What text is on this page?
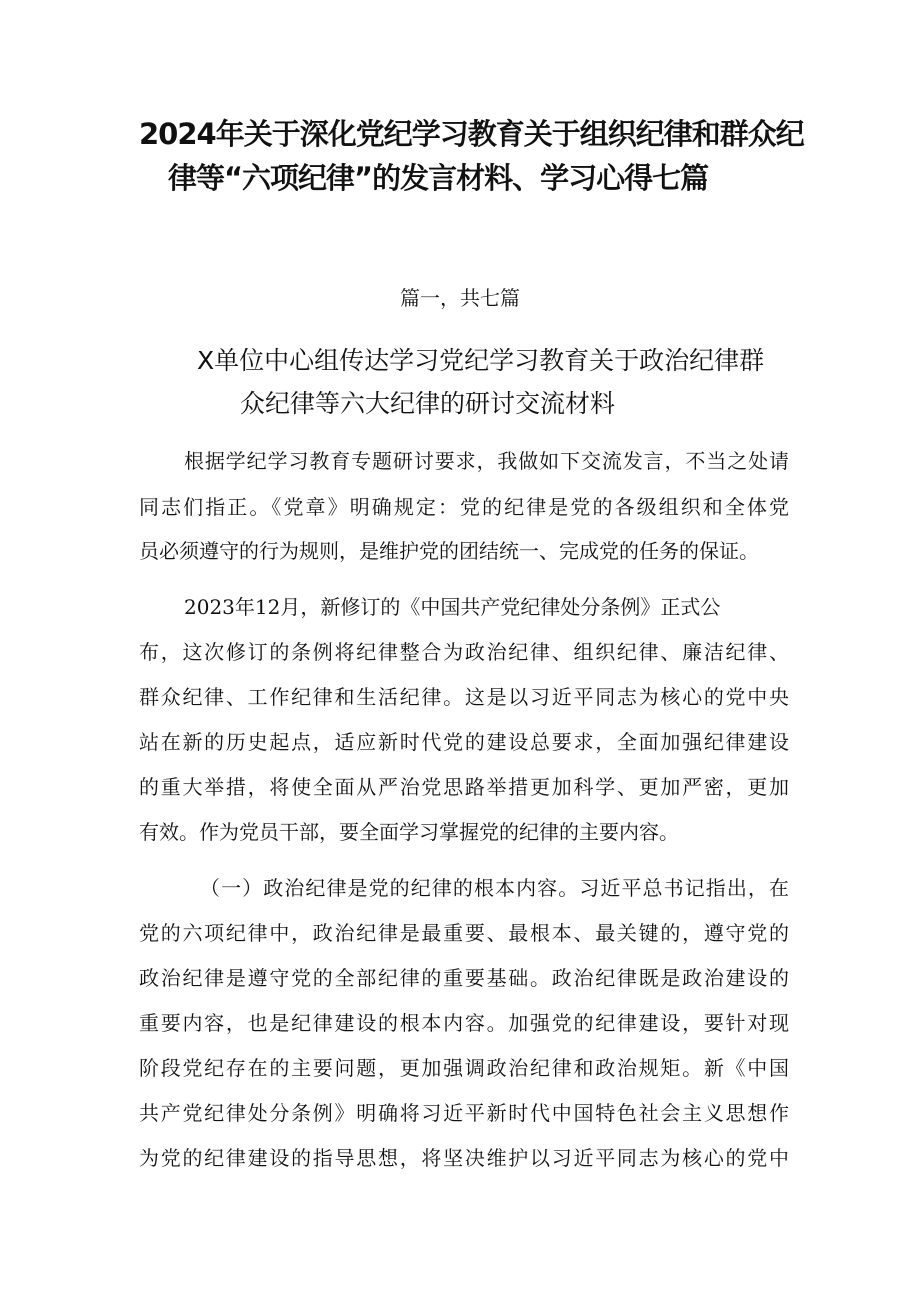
2024年关于深化党纪学习教育关于组织纪律和群众纪
律等“六项纪律”的发言材料、学习心得七篇
篇一，共七篇
X单位中心组传达学习党纪学习教育关于政治纪律群
众纪律等六大纪律的研讨交流材料
根据学纪学习教育专题研讨要求，我做如下交流发言，不当之处请
同志们指正。《党章》明确规定：党的纪律是党的各级组织和全体党
员必须遵守的行为规则，是维护党的团结统一、完成党的任务的保证。
2023年12月，新修订的《中国共产党纪律处分条例》正式公
布，这次修订的条例将纪律整合为政治纪律、组织纪律、廉洁纪律、
群众纪律、工作纪律和生活纪律。这是以习近平同志为核心的党中央
站在新的历史起点，适应新时代党的建设总要求，全面加强纪律建设
的重大举措，将使全面从严治党思路举措更加科学、更加严密，更加
有效。作为党员干部，要全面学习掌握党的纪律的主要内容。
（一）政治纪律是党的纪律的根本内容。习近平总书记指出，在
党的六项纪律中，政治纪律是最重要、最根本、最关键的，遵守党的
政治纪律是遵守党的全部纪律的重要基础。政治纪律既是政治建设的
重要内容，也是纪律建设的根本内容。加强党的纪律建设，要针对现
阶段党纪存在的主要问题，更加强调政治纪律和政治规矩。新《中国
共产党纪律处分条例》明确将习近平新时代中国特色社会主义思想作
为党的纪律建设的指导思想，将坚决维护以习近平同志为核心的党中
